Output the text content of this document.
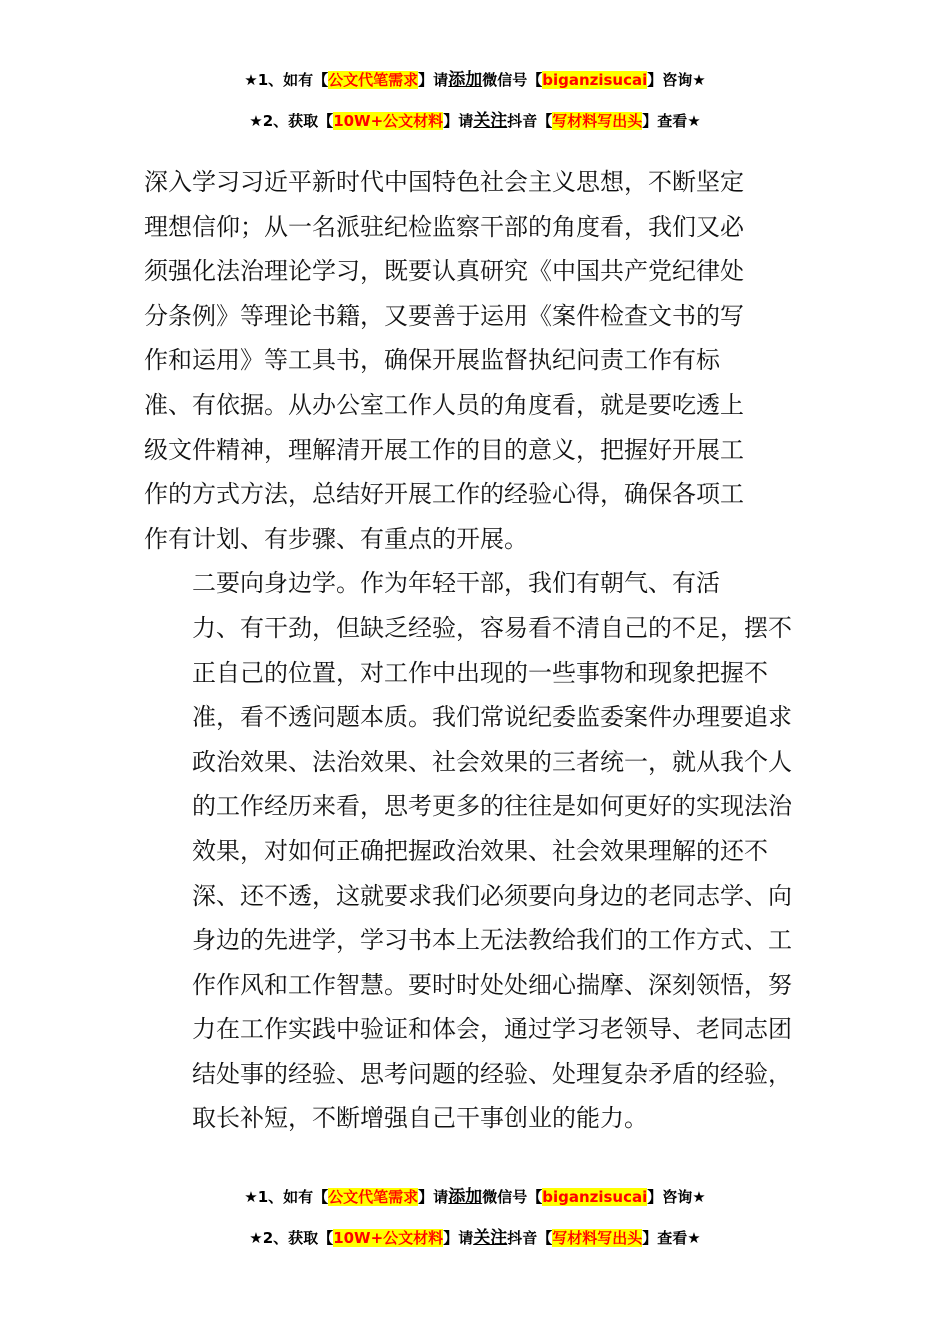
★1、如有【公文代笔需求】请添加微信号【biganzisucai】咨询★
★2、获取【10W+公文材料】请关注抖音【写材料写出头】查看★

深入学习习近平新时代中国特色社会主义思想，不断坚定
理想信仰；从一名派驻纪检监察干部的角度看，我们又必
须强化法治理论学习，既要认真研究《中国共产党纪律处
分条例》等理论书籍，又要善于运用《案件检查文书的写
作和运用》等工具书，确保开展监督执纪问责工作有标
准、有依据。从办公室工作人员的角度看，就是要吃透上
级文件精神，理解清开展工作的目的意义，把握好开展工
作的方式方法，总结好开展工作的经验心得，确保各项工
作有计划、有步骤、有重点的开展。

二要向身边学。作为年轻干部，我们有朝气、有活
力、有干劲，但缺乏经验，容易看不清自己的不足，摆不
正自己的位置，对工作中出现的一些事物和现象把握不
准，看不透问题本质。我们常说纪委监委案件办理要追求
政治效果、法治效果、社会效果的三者统一，就从我个人
的工作经历来看，思考更多的往往是如何更好的实现法治
效果，对如何正确把握政治效果、社会效果理解的还不
深、还不透，这就要求我们必须要向身边的老同志学、向
身边的先进学，学习书本上无法教给我们的工作方式、工
作作风和工作智慧。要时时处处细心揣摩、深刻领悟，努
力在工作实践中验证和体会，通过学习老领导、老同志团
结处事的经验、思考问题的经验、处理复杂矛盾的经验，
取长补短，不断增强自己干事创业的能力。

★1、如有【公文代笔需求】请添加微信号【biganzisucai】咨询★
★2、获取【10W+公文材料】请关注抖音【写材料写出头】查看★
